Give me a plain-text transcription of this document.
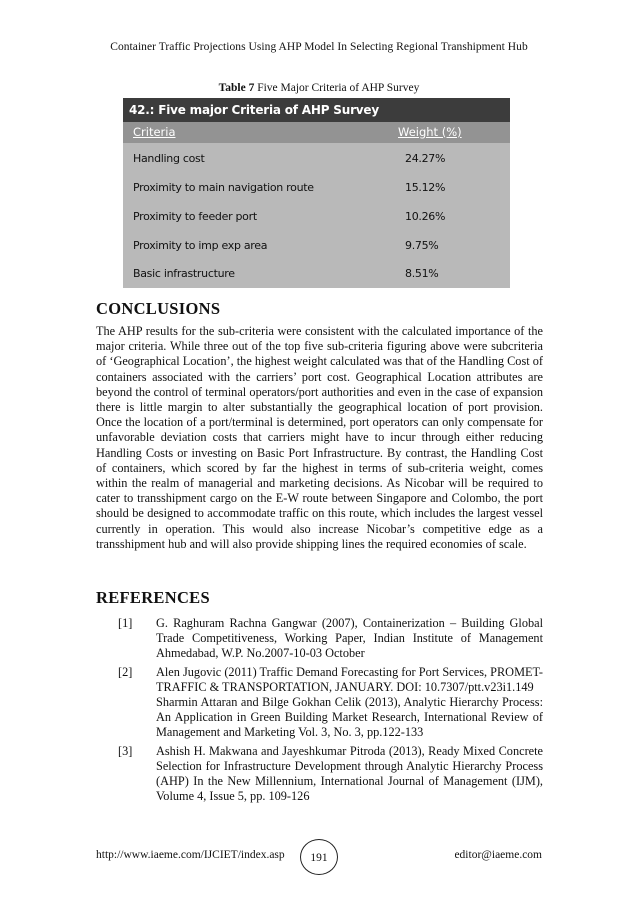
Container Traffic Projections Using AHP Model In Selecting Regional Transhipment Hub
Table 7 Five Major Criteria of AHP Survey
42.: Five major Criteria of AHP Survey
Criteria	Weight (%)
Handling cost	24.27%
Proximity to main navigation route	15.12%
Proximity to feeder port	10.26%
Proximity to imp exp area	9.75%
Basic infrastructure	8.51%
CONCLUSIONS

The AHP results for the sub-criteria were consistent with the calculated importance of the major criteria. While three out of the top five sub-criteria figuring above were subcriteria of ‘Geographical Location’, the highest weight calculated was that of the Handling Cost of containers associated with the carriers’ port cost. Geographical Location attributes are beyond the control of terminal operators/port authorities and even in the case of expansion there is little margin to alter substantially the geographical location of port provision. Once the location of a port/terminal is determined, port operators can only compensate for unfavorable deviation costs that carriers might have to incur through either reducing Handling Costs or investing on Basic Port Infrastructure. By contrast, the Handling Cost of containers, which scored by far the highest in terms of sub-criteria weight, comes within the realm of managerial and marketing decisions. As Nicobar will be required to cater to transshipment cargo on the E-W route between Singapore and Colombo, the port should be designed to accommodate traffic on this route, which includes the largest vessel currently in operation. This would also increase Nicobar’s competitive edge as a transshipment hub and will also provide shipping lines the required economies of scale.

REFERENCES
[1]	G. Raghuram Rachna Gangwar (2007), Containerization – Building Global Trade Competitiveness, Working Paper, Indian Institute of Management Ahmedabad, W.P. No.2007-10-03 October
[2]	Alen Jugovic (2011) Traffic Demand Forecasting for Port Services, PROMET-TRAFFIC & TRANSPORTATION, JANUARY. DOI: 10.7307/ptt.v23i1.149
Sharmin Attaran and Bilge Gokhan Celik (2013), Analytic Hierarchy Process: An Application in Green Building Market Research, International Review of Management and Marketing Vol. 3, No. 3, pp.122-133
[3]	Ashish H. Makwana and Jayeshkumar Pitroda (2013), Ready Mixed Concrete Selection for Infrastructure Development through Analytic Hierarchy Process (AHP) In the New Millennium, International Journal of Management (IJM), Volume 4, Issue 5, pp. 109-126
http://www.iaeme.com/IJCIET/index.asp	191	editor@iaeme.com
